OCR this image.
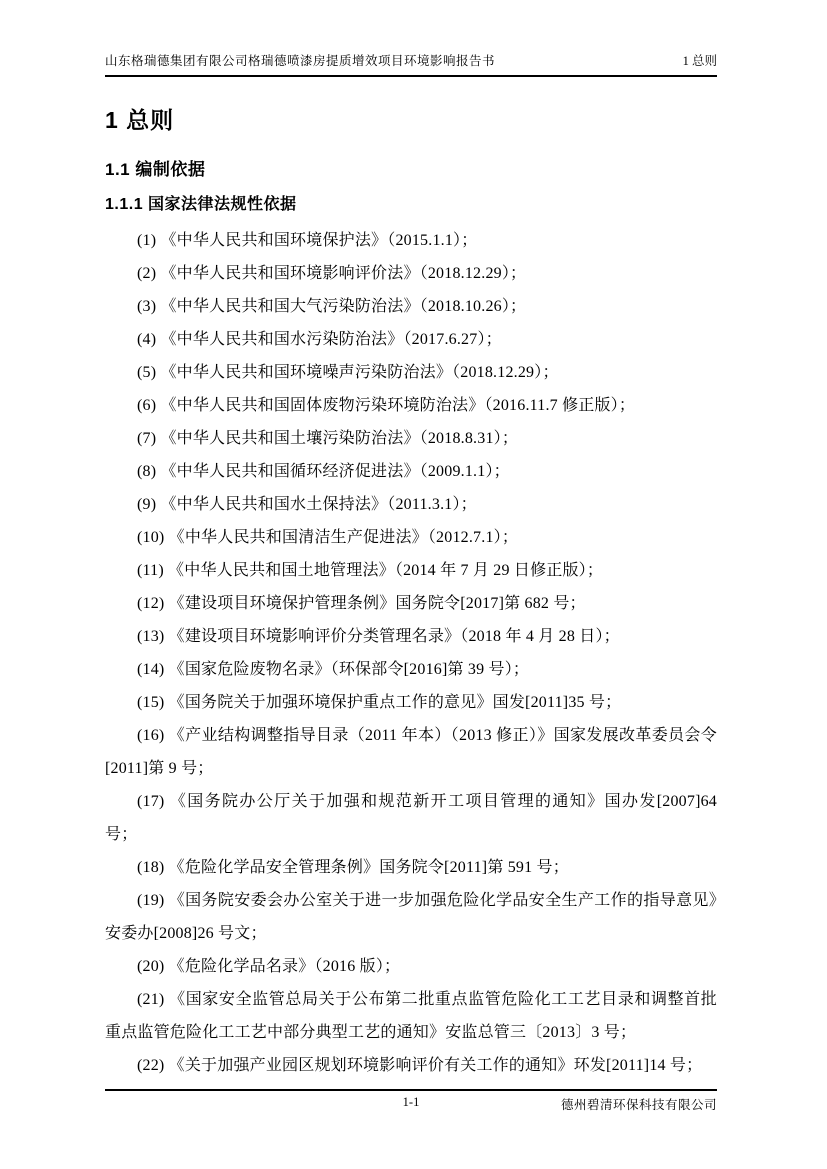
山东格瑞德集团有限公司格瑞德喷漆房提质增效项目环境影响报告书	1 总则
1 总则
1.1 编制依据
1.1.1 国家法律法规性依据

(1) 《中华人民共和国环境保护法》（2015.1.1）；

(2) 《中华人民共和国环境影响评价法》（2018.12.29）；

(3) 《中华人民共和国大气污染防治法》（2018.10.26）；

(4) 《中华人民共和国水污染防治法》（2017.6.27）；

(5) 《中华人民共和国环境噪声污染防治法》（2018.12.29）；

(6) 《中华人民共和国固体废物污染环境防治法》（2016.11.7 修正版）；

(7) 《中华人民共和国土壤污染防治法》（2018.8.31）；

(8) 《中华人民共和国循环经济促进法》（2009.1.1）；

(9) 《中华人民共和国水土保持法》（2011.3.1）；

(10) 《中华人民共和国清洁生产促进法》（2012.7.1）；

(11) 《中华人民共和国土地管理法》（2014 年 7 月 29 日修正版）；

(12) 《建设项目环境保护管理条例》国务院令[2017]第 682 号；

(13) 《建设项目环境影响评价分类管理名录》（2018 年 4 月 28 日）；

(14) 《国家危险废物名录》（环保部令[2016]第 39 号）；

(15) 《国务院关于加强环境保护重点工作的意见》国发[2011]35 号；

(16) 《产业结构调整指导目录（2011 年本）（2013 修正）》国家发展改革委员会令[2011]第 9 号；

(17) 《国务院办公厅关于加强和规范新开工项目管理的通知》国办发[2007]64 号；

(18) 《危险化学品安全管理条例》国务院令[2011]第 591 号；

(19) 《国务院安委会办公室关于进一步加强危险化学品安全生产工作的指导意见》安委办[2008]26 号文；

(20) 《危险化学品名录》（2016 版）；

(21) 《国家安全监管总局关于公布第二批重点监管危险化工工艺目录和调整首批重点监管危险化工工艺中部分典型工艺的通知》安监总管三〔2013〕3 号；

(22) 《关于加强产业园区规划环境影响评价有关工作的通知》环发[2011]14 号；

1-1	德州碧清环保科技有限公司
